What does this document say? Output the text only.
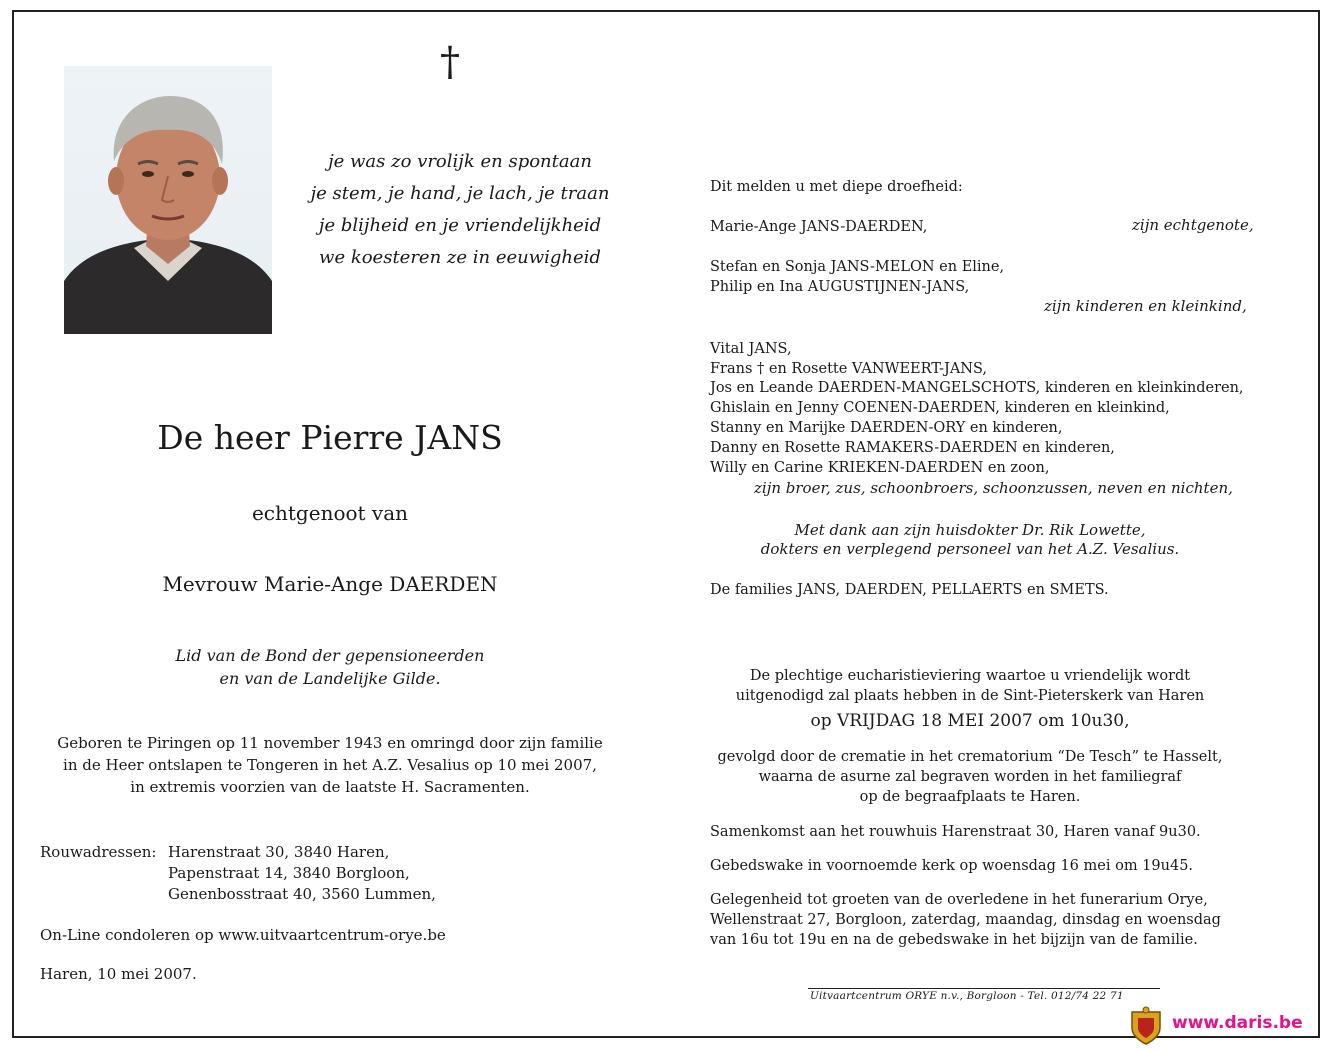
†
je was zo vrolijk en spontaan
je stem, je hand, je lach, je traan
je blijheid en je vriendelijkheid
we koesteren ze in eeuwigheid
De heer Pierre JANS
echtgenoot van
Mevrouw Marie-Ange DAERDEN
Lid van de Bond der gepensioneerden
en van de Landelijke Gilde.
Geboren te Piringen op 11 november 1943 en omringd door zijn familie
in de Heer ontslapen te Tongeren in het A.Z. Vesalius op 10 mei 2007,
in extremis voorzien van de laatste H. Sacramenten.
Rouwadressen: Harenstraat 30, 3840 Haren,
Papenstraat 14, 3840 Borgloon,
Genenbosstraat 40, 3560 Lummen,
On-Line condoleren op www.uitvaartcentrum-orye.be
Haren, 10 mei 2007.
Dit melden u met diepe droefheid:
Marie-Ange JANS-DAERDEN,	zijn echtgenote,
Stefan en Sonja JANS-MELON en Eline,
Philip en Ina AUGUSTIJNEN-JANS,
zijn kinderen en kleinkind,
Vital JANS,
Frans † en Rosette VANWEERT-JANS,
Jos en Leande DAERDEN-MANGELSCHOTS, kinderen en kleinkinderen,
Ghislain en Jenny COENEN-DAERDEN, kinderen en kleinkind,
Stanny en Marijke DAERDEN-ORY en kinderen,
Danny en Rosette RAMAKERS-DAERDEN en kinderen,
Willy en Carine KRIEKEN-DAERDEN en zoon,
zijn broer, zus, schoonbroers, schoonzussen, neven en nichten,
Met dank aan zijn huisdokter Dr. Rik Lowette,
dokters en verplegend personeel van het A.Z. Vesalius.
De families JANS, DAERDEN, PELLAERTS en SMETS.
De plechtige eucharistieviering waartoe u vriendelijk wordt
uitgenodigd zal plaats hebben in de Sint-Pieterskerk van Haren
op VRIJDAG 18 MEI 2007 om 10u30,
gevolgd door de crematie in het crematorium “De Tesch” te Hasselt,
waarna de asurne zal begraven worden in het familiegraf
op de begraafplaats te Haren.
Samenkomst aan het rouwhuis Harenstraat 30, Haren vanaf 9u30.
Gebedswake in voornoemde kerk op woensdag 16 mei om 19u45.
Gelegenheid tot groeten van de overledene in het funerarium Orye,
Wellenstraat 27, Borgloon, zaterdag, maandag, dinsdag en woensdag
van 16u tot 19u en na de gebedswake in het bijzijn van de familie.
Uitvaartcentrum ORYE n.v., Borgloon - Tel. 012/74 22 71
www.daris.be
